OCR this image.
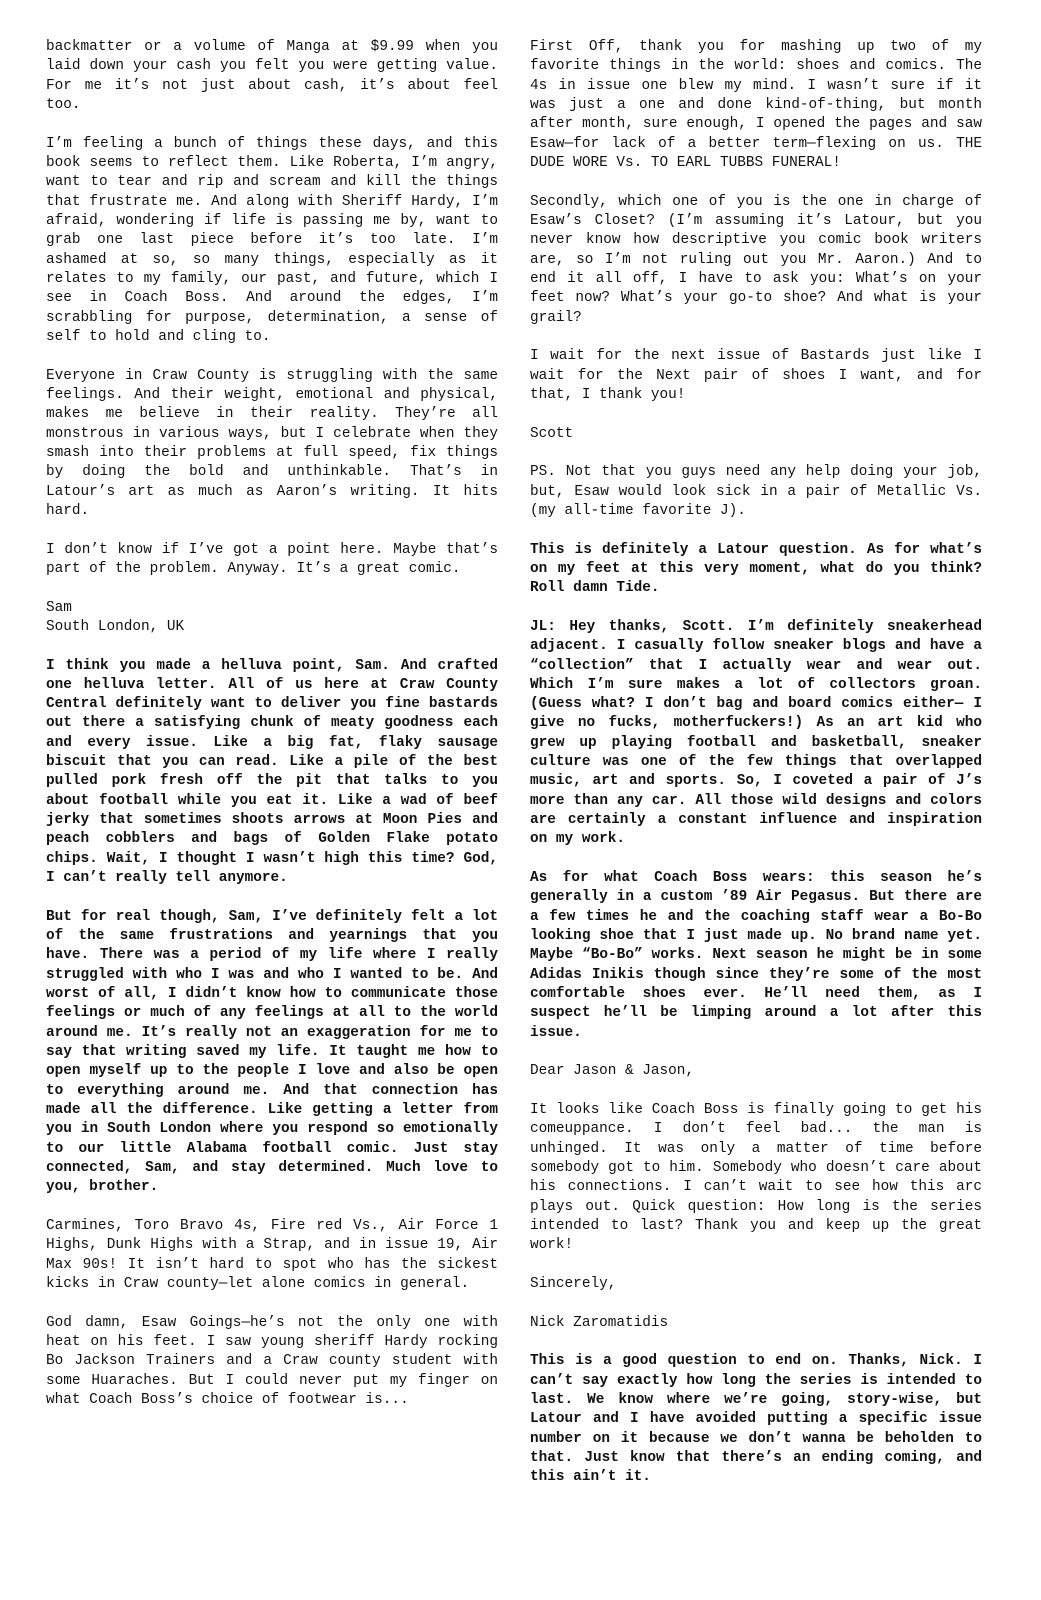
backmatter or a volume of Manga at $9.99 when you laid down your cash you felt you were getting value. For me it’s not just about cash, it’s about feel too.

I’m feeling a bunch of things these days, and this book seems to reflect them. Like Roberta, I’m angry, want to tear and rip and scream and kill the things that frustrate me. And along with Sheriff Hardy, I’m afraid, wondering if life is passing me by, want to grab one last piece before it’s too late. I’m ashamed at so, so many things, especially as it relates to my family, our past, and future, which I see in Coach Boss. And around the edges, I’m scrabbling for purpose, determination, a sense of self to hold and cling to.

Everyone in Craw County is struggling with the same feelings. And their weight, emotional and physical, makes me believe in their reality. They’re all monstrous in various ways, but I celebrate when they smash into their problems at full speed, fix things by doing the bold and unthinkable. That’s in Latour’s art as much as Aaron’s writing. It hits hard.

I don’t know if I’ve got a point here. Maybe that’s part of the problem. Anyway. It’s a great comic.

Sam
South London, UK

I think you made a helluva point, Sam. And crafted one helluva letter. All of us here at Craw County Central definitely want to deliver you fine bastards out there a satisfying chunk of meaty goodness each and every issue. Like a big fat, flaky sausage biscuit that you can read. Like a pile of the best pulled pork fresh off the pit that talks to you about football while you eat it. Like a wad of beef jerky that sometimes shoots arrows at Moon Pies and peach cobblers and bags of Golden Flake potato chips. Wait, I thought I wasn’t high this time? God, I can’t really tell anymore.

But for real though, Sam, I’ve definitely felt a lot of the same frustrations and yearnings that you have. There was a period of my life where I really struggled with who I was and who I wanted to be. And worst of all, I didn’t know how to communicate those feelings or much of any feelings at all to the world around me. It’s really not an exaggeration for me to say that writing saved my life. It taught me how to open myself up to the people I love and also be open to everything around me. And that connection has made all the difference. Like getting a letter from you in South London where you respond so emotionally to our little Alabama football comic. Just stay connected, Sam, and stay determined. Much love to you, brother.

Carmines, Toro Bravo 4s, Fire red Vs., Air Force 1 Highs, Dunk Highs with a Strap, and in issue 19, Air Max 90s! It isn’t hard to spot who has the sickest kicks in Craw county—let alone comics in general.

God damn, Esaw Goings—he’s not the only one with heat on his feet. I saw young sheriff Hardy rocking Bo Jackson Trainers and a Craw county student with some Huaraches. But I could never put my finger on what Coach Boss’s choice of footwear is...

First Off, thank you for mashing up two of my favorite things in the world: shoes and comics. The 4s in issue one blew my mind. I wasn’t sure if it was just a one and done kind-of-thing, but month after month, sure enough, I opened the pages and saw Esaw—for lack of a better term—flexing on us. THE DUDE WORE Vs. TO EARL TUBBS FUNERAL!

Secondly, which one of you is the one in charge of Esaw’s Closet? (I’m assuming it’s Latour, but you never know how descriptive you comic book writers are, so I’m not ruling out you Mr. Aaron.) And to end it all off, I have to ask you: What’s on your feet now? What’s your go-to shoe? And what is your grail?

I wait for the next issue of Bastards just like I wait for the Next pair of shoes I want, and for that, I thank you!

Scott

PS. Not that you guys need any help doing your job, but, Esaw would look sick in a pair of Metallic Vs. (my all-time favorite J).

This is definitely a Latour question. As for what’s on my feet at this very moment, what do you think? Roll damn Tide.

JL: Hey thanks, Scott. I’m definitely sneakerhead adjacent. I casually follow sneaker blogs and have a “collection” that I actually wear and wear out. Which I’m sure makes a lot of collectors groan. (Guess what? I don’t bag and board comics either— I give no fucks, motherfuckers!) As an art kid who grew up playing football and basketball, sneaker culture was one of the few things that overlapped music, art and sports. So, I coveted a pair of J’s more than any car. All those wild designs and colors are certainly a constant influence and inspiration on my work.

As for what Coach Boss wears: this season he’s generally in a custom ’89 Air Pegasus. But there are a few times he and the coaching staff wear a Bo-Bo looking shoe that I just made up. No brand name yet. Maybe “Bo-Bo” works. Next season he might be in some Adidas Inikis though since they’re some of the most comfortable shoes ever. He’ll need them, as I suspect he’ll be limping around a lot after this issue.

Dear Jason & Jason,

It looks like Coach Boss is finally going to get his comeuppance. I don’t feel bad... the man is unhinged. It was only a matter of time before somebody got to him. Somebody who doesn’t care about his connections. I can’t wait to see how this arc plays out. Quick question: How long is the series intended to last? Thank you and keep up the great work!

Sincerely,

Nick Zaromatidis

This is a good question to end on. Thanks, Nick. I can’t say exactly how long the series is intended to last. We know where we’re going, story-wise, but Latour and I have avoided putting a specific issue number on it because we don’t wanna be beholden to that. Just know that there’s an ending coming, and this ain’t it.
